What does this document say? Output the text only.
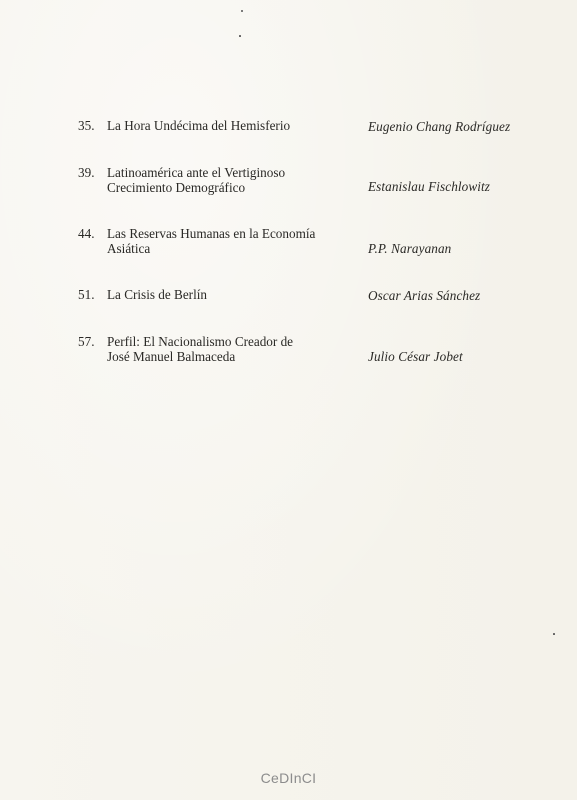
35. La Hora Undécima del Hemisferio	Eugenio Chang Rodríguez
39. Latinoamérica ante el Vertiginoso
Crecimiento Demográfico	Estanislau Fischlowitz
44. Las Reservas Humanas en la Economía
Asiática	P.P. Narayanan
51. La Crisis de Berlín	Oscar Arias Sánchez
57. Perfil: El Nacionalismo Creador de
José Manuel Balmaceda	Julio César Jobet
CeDInCI
